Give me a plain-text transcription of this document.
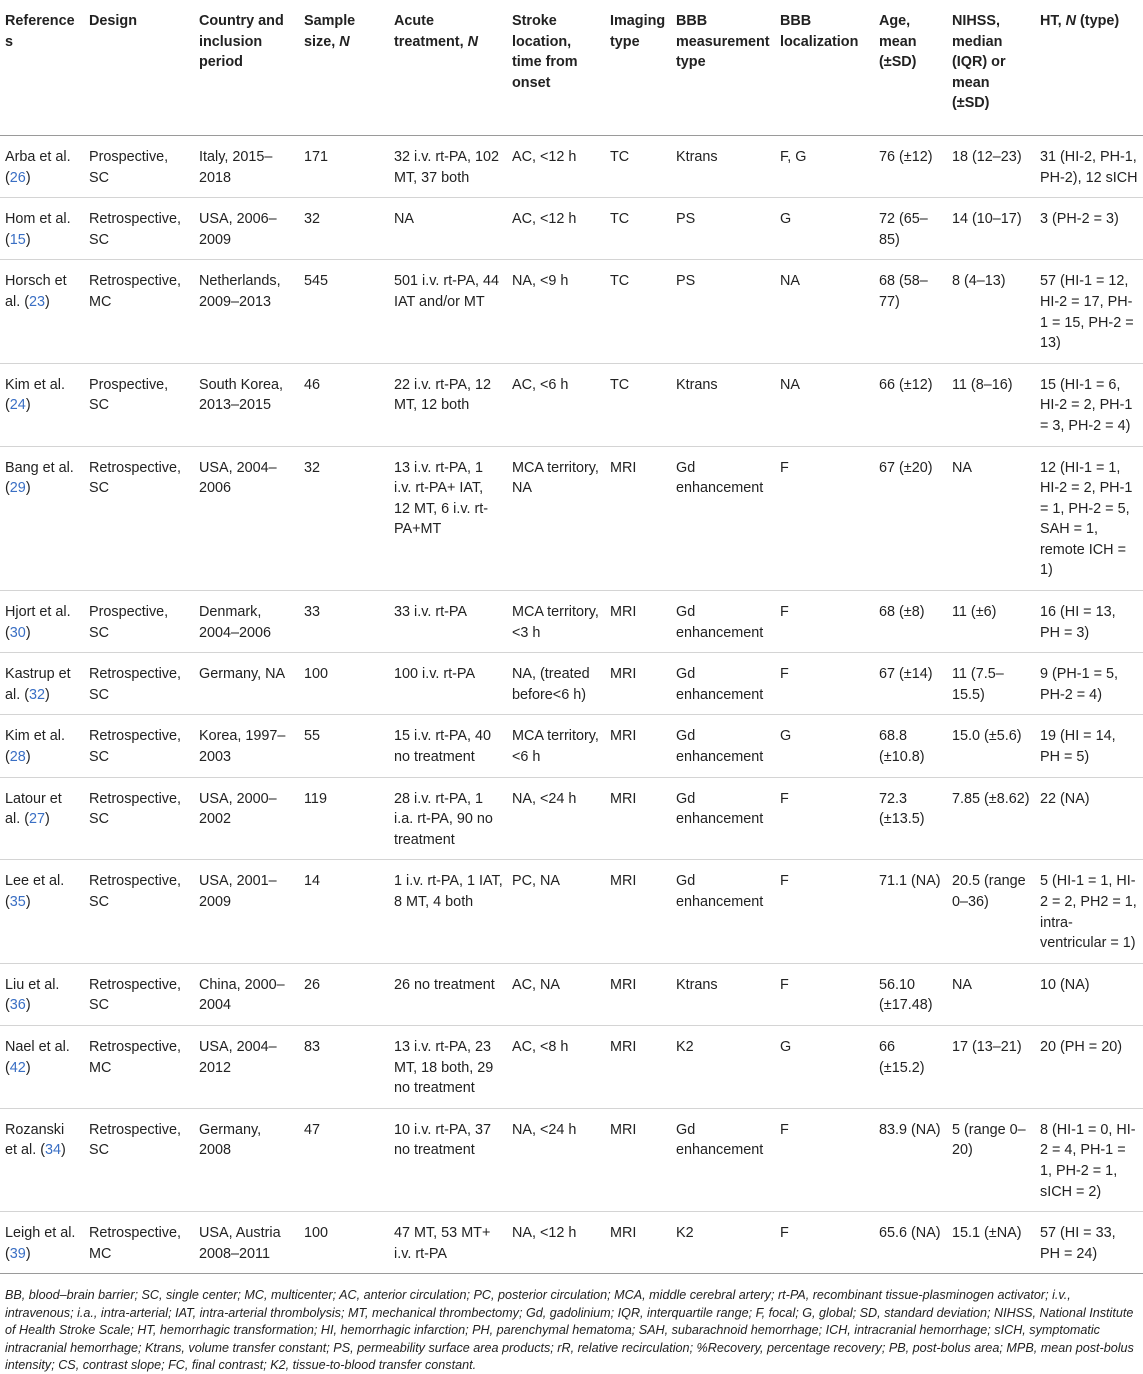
References	Design	Country and inclusion period	Sample size, N	Acute treatment, N	Stroke location, time from onset	Imaging type	BBB measurement type	BBB localization	Age, mean (±SD)	NIHSS, median (IQR) or mean (±SD)	HT, N (type)
Arba et al. (26)	Prospective, SC	Italy, 2015–2018	171	32 i.v. rt-PA, 102 MT, 37 both	AC, <12 h	TC	Ktrans	F, G	76 (±12)	18 (12–23)	31 (HI-2, PH-1, PH-2), 12 sICH
Hom et al. (15)	Retrospective, SC	USA, 2006–2009	32	NA	AC, <12 h	TC	PS	G	72 (65–85)	14 (10–17)	3 (PH-2 = 3)
Horsch et al. (23)	Retrospective, MC	Netherlands, 2009–2013	545	501 i.v. rt-PA, 44 IAT and/or MT	NA, <9 h	TC	PS	NA	68 (58–77)	8 (4–13)	57 (HI-1 = 12, HI-2 = 17, PH-1 = 15, PH-2 = 13)
Kim et al. (24)	Prospective, SC	South Korea, 2013–2015	46	22 i.v. rt-PA, 12 MT, 12 both	AC, <6 h	TC	Ktrans	NA	66 (±12)	11 (8–16)	15 (HI-1 = 6, HI-2 = 2, PH-1 = 3, PH-2 = 4)
Bang et al. (29)	Retrospective, SC	USA, 2004–2006	32	13 i.v. rt-PA, 1 i.v. rt-PA+ IAT, 12 MT, 6 i.v. rt-PA+MT	MCA territory, NA	MRI	Gd enhancement	F	67 (±20)	NA	12 (HI-1 = 1, HI-2 = 2, PH-1 = 1, PH-2 = 5, SAH = 1, remote ICH = 1)
Hjort et al. (30)	Prospective, SC	Denmark, 2004–2006	33	33 i.v. rt-PA	MCA territory, <3 h	MRI	Gd enhancement	F	68 (±8)	11 (±6)	16 (HI = 13, PH = 3)
Kastrup et al. (32)	Retrospective, SC	Germany, NA	100	100 i.v. rt-PA	NA, (treated before<6 h)	MRI	Gd enhancement	F	67 (±14)	11 (7.5–15.5)	9 (PH-1 = 5, PH-2 = 4)
Kim et al. (28)	Retrospective, SC	Korea, 1997–2003	55	15 i.v. rt-PA, 40 no treatment	MCA territory, <6 h	MRI	Gd enhancement	G	68.8 (±10.8)	15.0 (±5.6)	19 (HI = 14, PH = 5)
Latour et al. (27)	Retrospective, SC	USA, 2000–2002	119	28 i.v. rt-PA, 1 i.a. rt-PA, 90 no treatment	NA, <24 h	MRI	Gd enhancement	F	72.3 (±13.5)	7.85 (±8.62)	22 (NA)
Lee et al. (35)	Retrospective, SC	USA, 2001–2009	14	1 i.v. rt-PA, 1 IAT, 8 MT, 4 both	PC, NA	MRI	Gd enhancement	F	71.1 (NA)	20.5 (range 0–36)	5 (HI-1 = 1, HI-2 = 2, PH2 = 1, intra-ventricular = 1)
Liu et al. (36)	Retrospective, SC	China, 2000–2004	26	26 no treatment	AC, NA	MRI	Ktrans	F	56.10 (±17.48)	NA	10 (NA)
Nael et al. (42)	Retrospective, MC	USA, 2004–2012	83	13 i.v. rt-PA, 23 MT, 18 both, 29 no treatment	AC, <8 h	MRI	K2	G	66 (±15.2)	17 (13–21)	20 (PH = 20)
Rozanski et al. (34)	Retrospective, SC	Germany, 2008	47	10 i.v. rt-PA, 37 no treatment	NA, <24 h	MRI	Gd enhancement	F	83.9 (NA)	5 (range 0–20)	8 (HI-1 = 0, HI-2 = 4, PH-1 = 1, PH-2 = 1, sICH = 2)
Leigh et al. (39)	Retrospective, MC	USA, Austria 2008–2011	100	47 MT, 53 MT+ i.v. rt-PA	NA, <12 h	MRI	K2	F	65.6 (NA)	15.1 (±NA)	57 (HI = 33, PH = 24)
BB, blood–brain barrier; SC, single center; MC, multicenter; AC, anterior circulation; PC, posterior circulation; MCA, middle cerebral artery; rt-PA, recombinant tissue-plasminogen activator; i.v., intravenous; i.a., intra-arterial; IAT, intra-arterial thrombolysis; MT, mechanical thrombectomy; Gd, gadolinium; IQR, interquartile range; F, focal; G, global; SD, standard deviation; NIHSS, National Institute of Health Stroke Scale; HT, hemorrhagic transformation; HI, hemorrhagic infarction; PH, parenchymal hematoma; SAH, subarachnoid hemorrhage; ICH, intracranial hemorrhage; sICH, symptomatic intracranial hemorrhage; Ktrans, volume transfer constant; PS, permeability surface area products; rR, relative recirculation; %Recovery, percentage recovery; PB, post-bolus area; MPB, mean post-bolus intensity; CS, contrast slope; FC, final contrast; K2, tissue-to-blood transfer constant.
